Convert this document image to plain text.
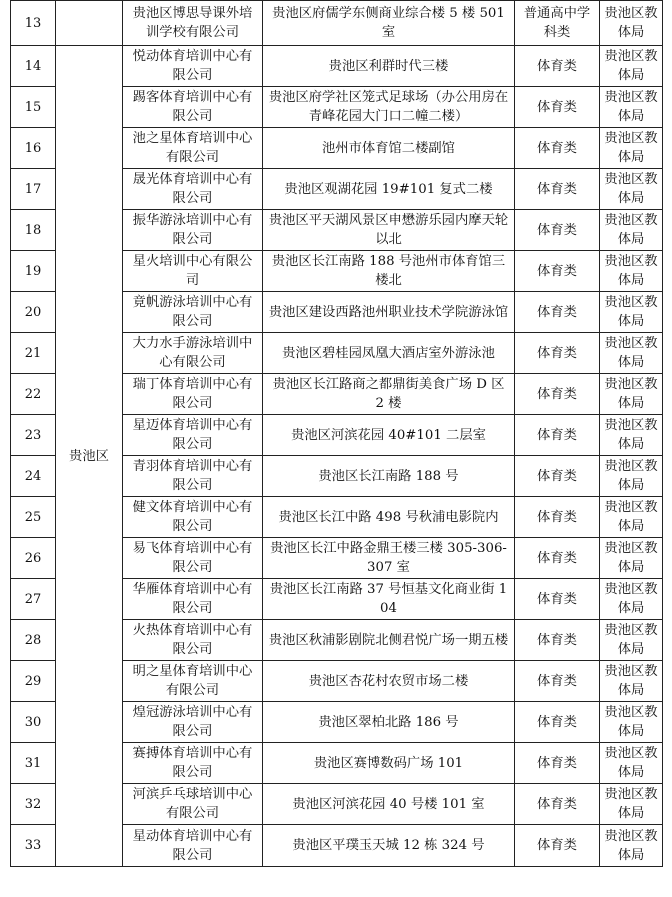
13		贵池区博思导课外培训学校有限公司	贵池区府儒学东侧商业综合楼 5 楼 501 室	普通高中学科类	贵池区教体局
14	贵池区	悦动体育培训中心有限公司	贵池区利群时代三楼	体育类	贵池区教体局
15		踢客体育培训中心有限公司	贵池区府学社区笼式足球场（办公用房在青峰花园大门口二幢二楼）	体育类	贵池区教体局
16		池之星体育培训中心有限公司	池州市体育馆二楼副馆	体育类	贵池区教体局
17		晟光体育培训中心有限公司	贵池区观湖花园 19#101 复式二楼	体育类	贵池区教体局
18		振华游泳培训中心有限公司	贵池区平天湖风景区申懋游乐园内摩天轮以北	体育类	贵池区教体局
19		星火培训中心有限公司	贵池区长江南路 188 号池州市体育馆三楼北	体育类	贵池区教体局
20		竟帆游泳培训中心有限公司	贵池区建设西路池州职业技术学院游泳馆	体育类	贵池区教体局
21		大力水手游泳培训中心有限公司	贵池区碧桂园凤凰大酒店室外游泳池	体育类	贵池区教体局
22		瑞丁体育培训中心有限公司	贵池区长江路商之都鼎街美食广场 D 区 2 楼	体育类	贵池区教体局
23		星迈体育培训中心有限公司	贵池区河滨花园 40#101 二层室	体育类	贵池区教体局
24		青羽体育培训中心有限公司	贵池区长江南路 188 号	体育类	贵池区教体局
25		健文体育培训中心有限公司	贵池区长江中路 498 号秋浦电影院内	体育类	贵池区教体局
26		易飞体育培训中心有限公司	贵池区长江中路金鼎王楼三楼 305-306-307 室	体育类	贵池区教体局
27		华雁体育培训中心有限公司	贵池区长江南路 37 号恒基文化商业街 104	体育类	贵池区教体局
28		火热体育培训中心有限公司	贵池区秋浦影剧院北侧君悦广场一期五楼	体育类	贵池区教体局
29		明之星体育培训中心有限公司	贵池区杏花村农贸市场二楼	体育类	贵池区教体局
30		煌冠游泳培训中心有限公司	贵池区翠柏北路 186 号	体育类	贵池区教体局
31		赛搏体育培训中心有限公司	贵池区赛博数码广场 101	体育类	贵池区教体局
32		河滨乒乓球培训中心有限公司	贵池区河滨花园 40 号楼 101 室	体育类	贵池区教体局
33		星动体育培训中心有限公司	贵池区平璞玉天城 12 栋 324 号	体育类	贵池区教体局
